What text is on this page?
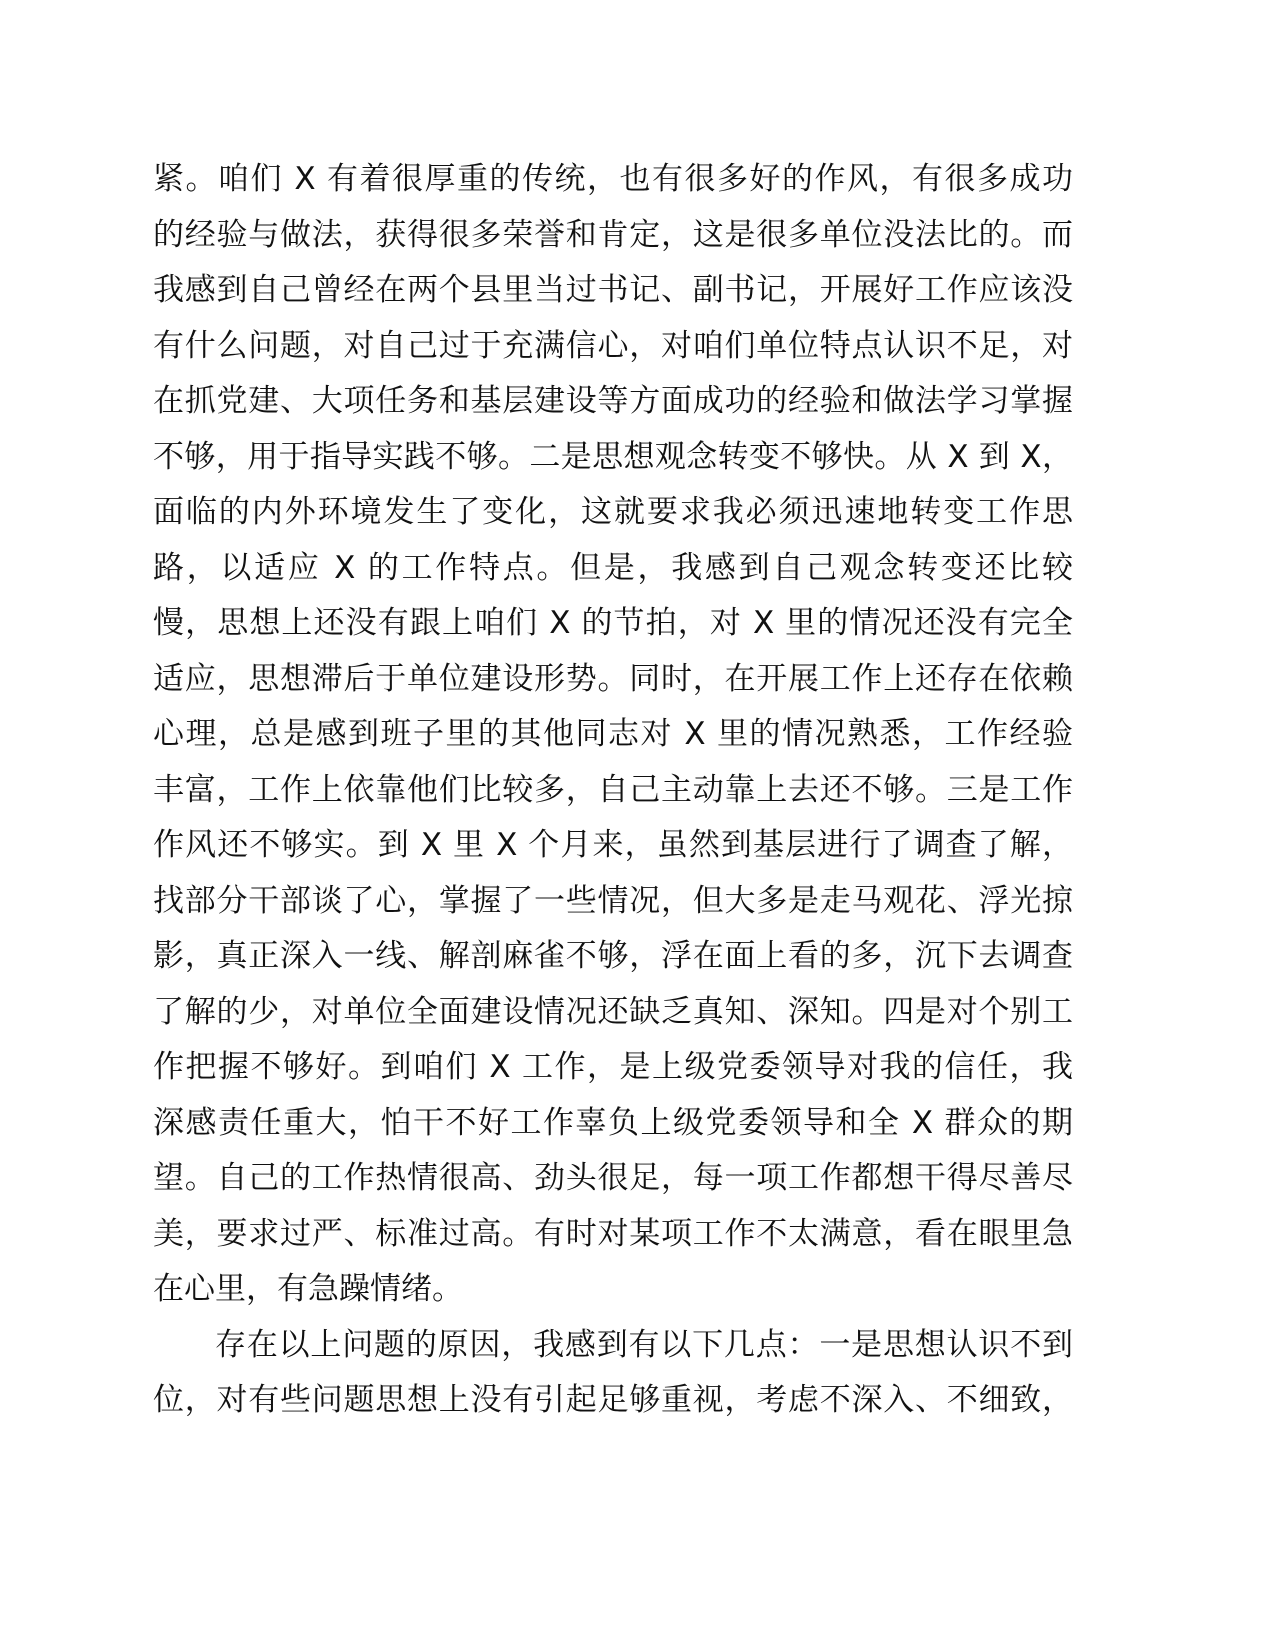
紧。咱们 X 有着很厚重的传统，也有很多好的作风，有很多成功
的经验与做法，获得很多荣誉和肯定，这是很多单位没法比的。而
我感到自己曾经在两个县里当过书记、副书记，开展好工作应该没
有什么问题，对自己过于充满信心，对咱们单位特点认识不足，对
在抓党建、大项任务和基层建设等方面成功的经验和做法学习掌握
不够，用于指导实践不够。二是思想观念转变不够快。从 X 到 X，
面临的内外环境发生了变化，这就要求我必须迅速地转变工作思
路，以适应 X 的工作特点。但是，我感到自己观念转变还比较
慢，思想上还没有跟上咱们 X 的节拍，对 X 里的情况还没有完全
适应，思想滞后于单位建设形势。同时，在开展工作上还存在依赖
心理，总是感到班子里的其他同志对 X 里的情况熟悉，工作经验
丰富，工作上依靠他们比较多，自己主动靠上去还不够。三是工作
作风还不够实。到 X 里 X 个月来，虽然到基层进行了调查了解，
找部分干部谈了心，掌握了一些情况，但大多是走马观花、浮光掠
影，真正深入一线、解剖麻雀不够，浮在面上看的多，沉下去调查
了解的少，对单位全面建设情况还缺乏真知、深知。四是对个别工
作把握不够好。到咱们 X 工作，是上级党委领导对我的信任，我
深感责任重大，怕干不好工作辜负上级党委领导和全 X 群众的期
望。自己的工作热情很高、劲头很足，每一项工作都想干得尽善尽
美，要求过严、标准过高。有时对某项工作不太满意，看在眼里急
在心里，有急躁情绪。
存在以上问题的原因，我感到有以下几点：一是思想认识不到
位，对有些问题思想上没有引起足够重视，考虑不深入、不细致，
